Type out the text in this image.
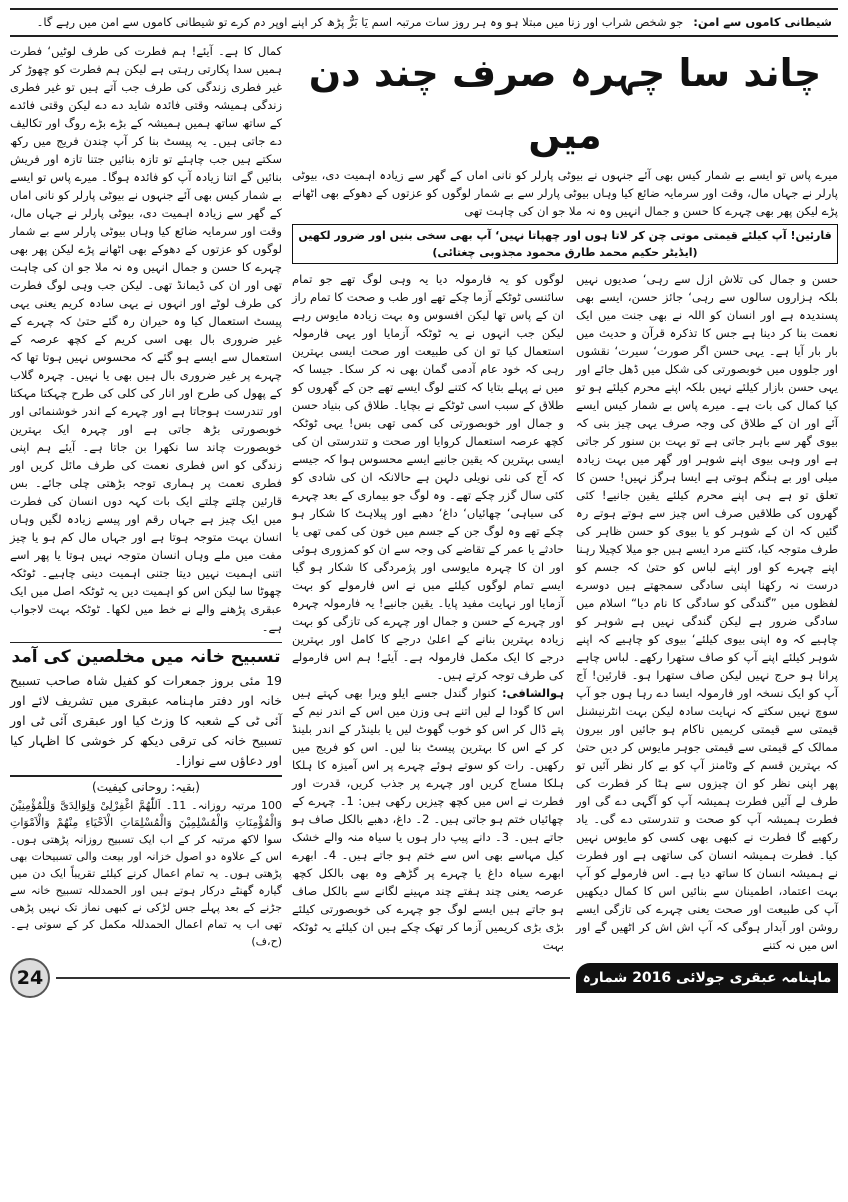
شیطانی کاموں سے امن:جو شخص شراب اور زنا میں مبتلا ہو وہ ہر روز سات مرتبہ اسم یَا بَرُّ پڑھ کر اپنے اوپر دم کرے تو شیطانی کاموں سے امن میں رہے گا۔

کمال کا ہے۔ آیئے! ہم فطرت کی طرف لوٹیں‘ فطرت ہمیں سدا پکارتی رہتی ہے لیکن ہم فطرت کو چھوڑ کر غیر فطری زندگی کی طرف جب آتے ہیں تو غیر فطری زندگی ہمیشہ وقتی فائدہ شاید دے دے لیکن وقتی فائدے کے ساتھ ساتھ ہمیں ہمیشہ کے بڑے بڑے روگ اور تکالیف دے جاتی ہیں۔ یہ پیسٹ بنا کر آپ چندن فریج میں رکھ سکتے ہیں جب چاہئے تو تازہ بنائیں جتنا تازہ اور فریش بنائیں گے اتنا زیادہ آپ کو فائدہ ہوگا۔ میرے پاس تو ایسے بے شمار کیس بھی آئے جنہوں نے بیوٹی پارلر کو نانی اماں کے گھر سے زیادہ اہمیت دی، بیوٹی پارلر نے جہاں مال، وقت اور سرمایہ ضائع کیا وہاں بیوٹی پارلر سے بے شمار لوگوں کو عزتوں کے دھوکے بھی اٹھانے پڑے لیکن پھر بھی چہرے کا حسن و جمال انہیں وہ نہ ملا جو ان کی چاہت تھی اور ان کی ڈیمانڈ تھی۔ لیکن جب وہی لوگ فطرت کی طرف لوٹے اور انہوں نے یہی سادہ کریم یعنی یہی پیسٹ استعمال کیا وہ حیران رہ گئے حتیٰ کہ چہرے کے غیر ضروری بال بھی اسی کریم کے کچھ عرصہ کے استعمال سے ایسے ہو گئے کہ محسوس نہیں ہوتا تھا کہ چہرے پر غیر ضروری بال ہیں بھی یا نہیں۔ چہرہ گلاب کے پھول کی طرح اور انار کی کلی کی طرح چہکتا مہکتا اور تندرست ہوجاتا ہے اور چہرے کے اندر خوشنمائی اور خوبصورتی بڑھ جاتی ہے اور چہرہ ایک بہترین خوبصورت چاند سا نکھرا بن جاتا ہے۔ آیئے ہم اپنی زندگی کو اس فطری نعمت کی طرف مائل کریں اور فطری نعمت پر ہماری توجہ بڑھتی چلی جائے۔ بس قارئین چلتے چلتے ایک بات کہہ دوں انسان کی فطرت میں ایک چیز ہے جہاں رقم اور پیسے زیادہ لگیں وہاں انسان بہت متوجہ ہوتا ہے اور جہاں مال کم ہو یا چیز مفت میں ملے وہاں انسان متوجہ نہیں ہوتا یا پھر اسے اتنی اہمیت نہیں دیتا جتنی اہمیت دینی چاہیے۔ ٹوٹکہ چھوٹا سا لیکن اس کو اہمیت دیں یہ ٹوٹکہ اصل میں ایک عبقری پڑھنے والے نے خط میں لکھا۔ ٹوٹکہ بہت لاجواب ہے۔

تسبیح خانہ میں مخلصین کی آمد
19 مئی بروز جمعرات کو کفیل شاہ صاحب تسبیح خانہ اور دفتر ماہنامہ عبقری میں تشریف لائے اور آئی ٹی کے شعبہ کا وزٹ کیا اور عبقری آئی ٹی اور تسبیح خانہ کی ترقی دیکھ کر خوشی کا اظہار کیا اور دعاؤں سے نوازا۔
(بقیہ: روحانی کیفیت)
100 مرتبہ روزانہ۔ 11۔ اَللّٰھُمَّ اغْفِرْلِیْ وَلِوَالِدَیَّ وَلِلْمُؤْمِنِیْنَ وَالْمُؤْمِنَاتِ وَالْمُسْلِمِیْنَ وَالْمُسْلِمَاتِ الْاَحْیَاءِ مِنْھُمْ وَالْاَمْوَاتِ سوا لاکھ مرتبہ کر کے اب ایک تسبیح روزانہ پڑھتی ہوں۔ اس کے علاوہ دو اصول خزانہ اور بیعت والی تسبیحات بھی پڑھتی ہوں۔ یہ تمام اعمال کرنے کیلئے تقریباً ایک دن میں گیارہ گھنٹے درکار ہوتے ہیں اور الحمدللہ تسبیح خانہ سے جڑنے کے بعد پہلے جس لڑکی نے کبھی نماز تک نہیں پڑھی تھی اب یہ تمام اعمال الحمدللہ مکمل کر کے سوتی ہے۔ (ح،ف)
چاند سا چہرہ صرف چند دن میں
میرے پاس تو ایسے بے شمار کیس بھی آئے جنہوں نے بیوٹی پارلر کو نانی اماں کے گھر سے زیادہ اہمیت دی، بیوٹی پارلر نے جہاں مال، وقت اور سرمایہ ضائع کیا وہاں بیوٹی پارلر سے بے شمار لوگوں کو عزتوں کے دھوکے بھی اٹھانے پڑے لیکن پھر بھی چہرے کا حسن و جمال انہیں وہ نہ ملا جو ان کی چاہت تھی
قارئین! آپ کیلئے قیمتی موتی چن کر لاتا ہوں اور چھپاتا نہیں‘ آپ بھی سخی بنیں اور ضرور لکھیں (ایڈیٹر حکیم محمد طارق محمود مجذوبی چغتائی)

لوگوں کو یہ فارمولہ دیا یہ وہی لوگ تھے جو تمام سائنسی ٹوٹکے آزما چکے تھے اور طب و صحت کا تمام راز ان کے پاس تھا لیکن افسوس وہ بہت زیادہ مایوس رہے لیکن جب انہوں نے یہ ٹوٹکہ آزمایا اور یہی فارمولہ استعمال کیا تو ان کی طبیعت اور صحت ایسی بہترین رہی کہ خود عام آدمی گمان بھی نہ کر سکا۔ جیسا کہ میں نے پہلے بتایا کہ کتنے لوگ ایسے تھے جن کے گھروں کو طلاق کے سبب اسی ٹوٹکے نے بچایا۔ طلاق کی بنیاد حسن و جمال اور خوبصورتی کی کمی تھی بس! یہی ٹوٹکہ کچھ عرصہ استعمال کروایا اور صحت و تندرستی ان کی ایسی بہترین کہ یقین جانیے ایسے محسوس ہوا کہ جیسے کہ آج کی نئی نویلی دلہن ہے حالانکہ ان کی شادی کو کئی سال گزر چکے تھے۔ وہ لوگ جو بیماری کے بعد چہرے کی سیاہی‘ چھائیاں‘ داغ‘ دھبے اور پیلاہٹ کا شکار ہو چکے تھے وہ لوگ جن کے جسم میں خون کی کمی تھی یا حادثے یا عمر کے تقاضے کی وجہ سے ان کو کمزوری ہوئی اور ان کا چہرہ مایوسی اور پژمردگی کا شکار ہو گیا ایسے تمام لوگوں کیلئے میں نے اس فارمولے کو بہت آزمایا اور نہایت مفید پایا۔ یقین جانیے! یہ فارمولہ چہرہ اور چہرے کے حسن و جمال اور چہرے کی تازگی کو بہت زیادہ بہترین بنانے کے اعلیٰ درجے کا کامل اور بہترین درجے کا ایک مکمل فارمولہ ہے۔ آیئے! ہم اس فارمولے کی طرف توجہ کرتے ہیں۔

ہوالشافی: کنوار گندل جسے ایلو ویرا بھی کہتے ہیں اس کا گودا لے لیں اتنے ہی وزن میں اس کے اندر نیم کے پتے ڈال کر اس کو خوب گھوٹ لیں یا بلینڈر کے اندر بلینڈ کر کے اس کا بہترین پیسٹ بنا لیں۔ اس کو فریج میں رکھیں۔ رات کو سوتے ہوئے چہرے پر اس آمیزہ کا ہلکا ہلکا مساج کریں اور چہرے پر جذب کریں، قدرت اور فطرت نے اس میں کچھ چیزیں رکھی ہیں: 1۔ چہرے کے چھائیاں ختم ہو جاتی ہیں۔ 2۔ داغ، دھبے بالکل صاف ہو جاتے ہیں۔ 3۔ دانے پیپ دار ہوں یا سیاہ منہ والے خشک کیل مہاسے بھی اس سے ختم ہو جاتے ہیں۔ 4۔ ابھرے ابھرے سیاہ داغ یا چہرے پر گڑھے وہ بھی بالکل کچھ عرصہ یعنی چند ہفتے چند مہینے لگانے سے بالکل صاف ہو جاتے ہیں ایسے لوگ جو چہرے کی خوبصورتی کیلئے بڑی بڑی کریمیں آزما کر تھک چکے ہیں ان کیلئے یہ ٹوٹکہ بہت

حسن و جمال کی تلاش ازل سے رہی‘ صدیوں نہیں بلکہ ہزاروں سالوں سے رہی‘ جائز حسن، ایسے بھی پسندیدہ ہے اور انسان کو اللہ نے بھی جنت میں ایک نعمت بنا کر دینا ہے جس کا تذکرہ قرآن و حدیث میں بار بار آیا ہے۔ یہی حسن اگر صورت‘ سیرت‘ نقشوں اور جلووں میں خوبصورتی کی شکل میں ڈھل جائے اور یہی حسن بازار کیلئے نہیں بلکہ اپنے محرم کیلئے ہو تو کیا کمال کی بات ہے۔ میرے پاس بے شمار کیس ایسے آئے اور ان کے طلاق کی وجہ صرف یہی چیز بنی کہ بیوی گھر سے باہر جاتی ہے تو بہت بن سنور کر جاتی ہے اور وہی بیوی اپنے شوہر اور گھر میں بہت زیادہ میلی اور بے ہنگم ہوتی ہے ایسا ہرگز نہیں! حسن کا تعلق تو ہے ہی اپنے محرم کیلئے یقین جانیے! کئی گھروں کی طلاقیں صرف اس چیز سے ہوتے ہوتے رہ گئیں کہ ان کے شوہر کو یا بیوی کو حسن ظاہر کی طرف متوجہ کیا، کتنے مرد ایسے ہیں جو میلا کچیلا رہنا اپنے چہرے کو اور اپنے لباس کو حتیٰ کہ جسم کو درست نہ رکھنا اپنی سادگی سمجھتے ہیں دوسرے لفظوں میں ”گندگی کو سادگی کا نام دیا“ اسلام میں سادگی ضرور ہے لیکن گندگی نہیں ہے شوہر کو چاہیے کہ وہ اپنی بیوی کیلئے‘ بیوی کو چاہیے کہ اپنے شوہر کیلئے اپنے آپ کو صاف ستھرا رکھے۔ لباس چاہے پرانا ہو حرج نہیں لیکن صاف ستھرا ہو۔ قارئین! آج آپ کو ایک نسخہ اور فارمولہ ایسا دے رہا ہوں جو آپ سوچ نہیں سکتے کہ نہایت سادہ لیکن بہت انٹرنیشنل قیمتی سے قیمتی کریمیں ناکام ہو جائیں اور بیرون ممالک کے قیمتی سے قیمتی جوہر مایوس کر دیں حتیٰ کہ بہترین قسم کے وٹامنز آپ کو بے کار نظر آئیں تو پھر اپنی نظر کو ان چیزوں سے ہٹا کر فطرت کی طرف لے آئیں فطرت ہمیشہ آپ کو آگہی دے گی اور فطرت ہمیشہ آپ کو صحت و تندرستی دے گی۔ یاد رکھیے گا فطرت نے کبھی بھی کسی کو مایوس نہیں کیا۔ فطرت ہمیشہ انسان کی ساتھی ہے اور فطرت نے ہمیشہ انسان کا ساتھ دیا ہے۔ اس فارمولے کو آپ بہت اعتماد، اطمینان سے بنائیں اس کا کمال دیکھیں آپ کی طبیعت اور صحت یعنی چہرے کی تازگی ایسے روشن اور آبدار ہوگی کہ آپ اش اش کر اٹھیں گے اور اس میں نہ کتنے

24	ماہنامہ عبقری جولائی 2016 شمارہ نمبر 121
